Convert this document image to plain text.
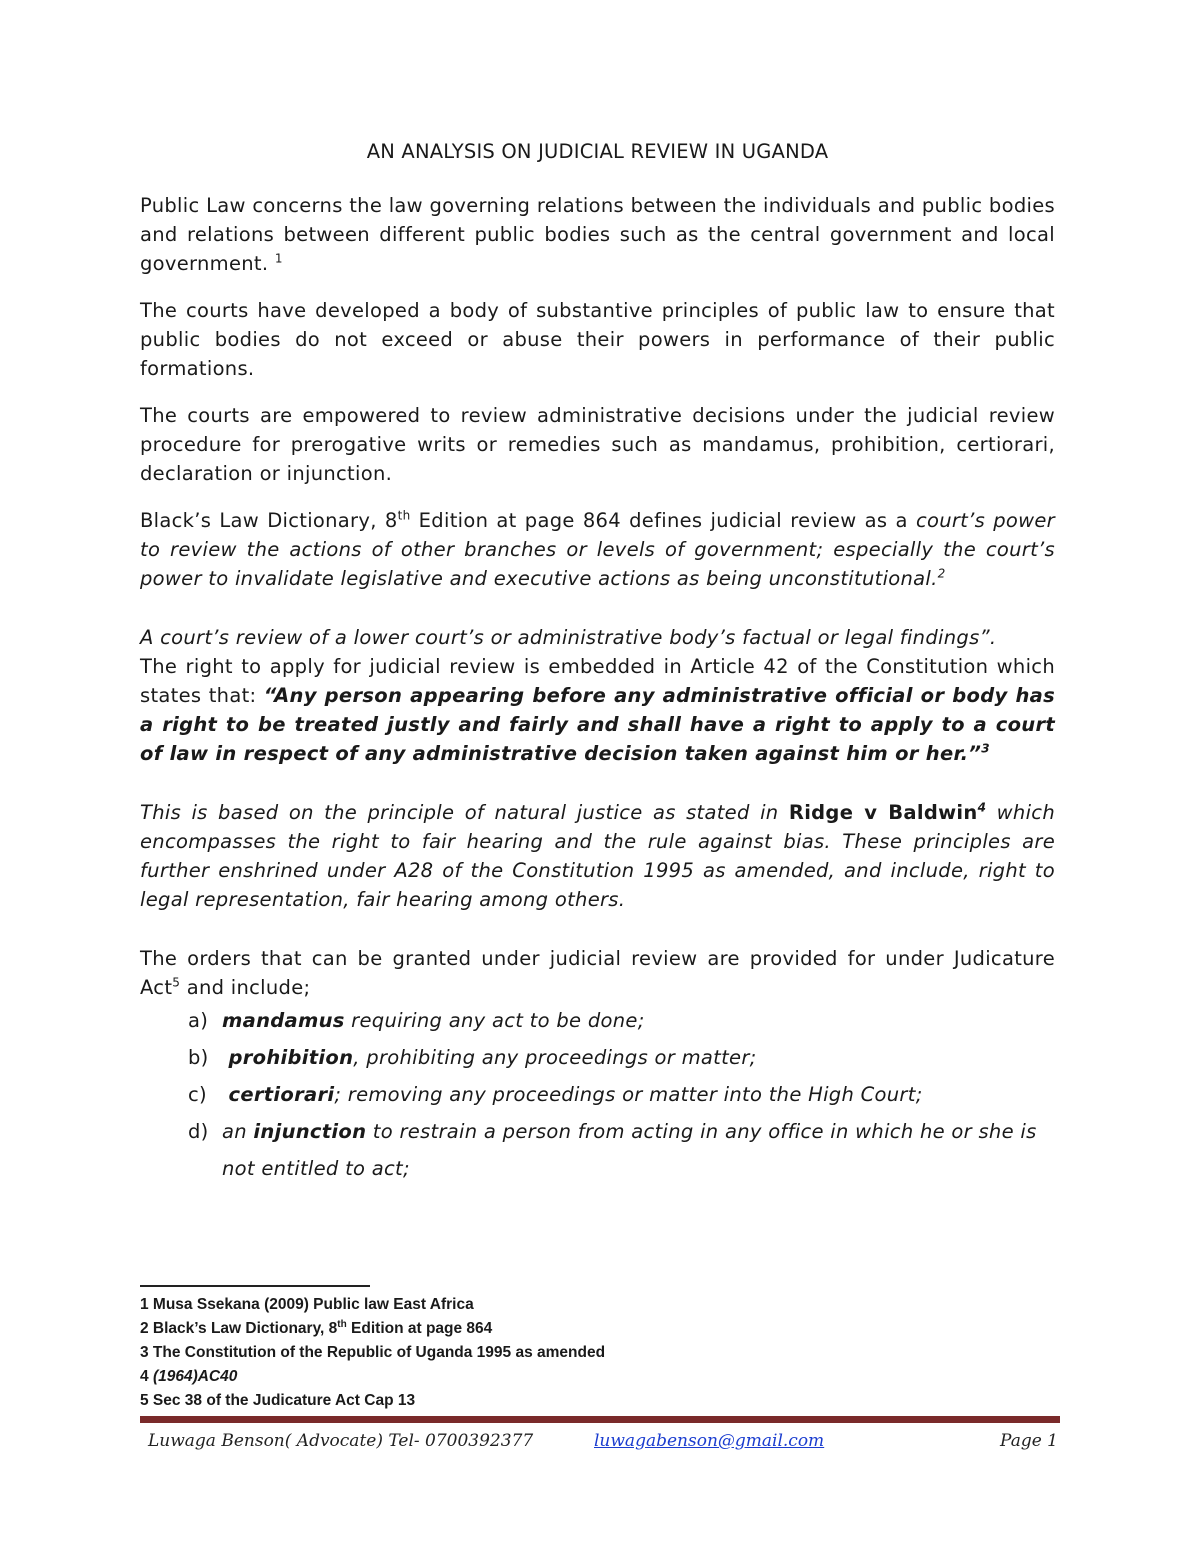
AN ANALYSIS ON JUDICIAL REVIEW IN UGANDA

Public Law concerns the law governing relations between the individuals and public bodies and relations between different public bodies such as the central government and local government. $^1$

The courts have developed a body of substantive principles of public law to ensure that public bodies do not exceed or abuse their powers in performance of their public formations.

The courts are empowered to review administrative decisions under the judicial review procedure for prerogative writs or remedies such as mandamus, prohibition, certiorari, declaration or injunction.

Black’s Law Dictionary, 8th Edition at page 864 defines judicial review as a court’s power to review the actions of other branches or levels of government; especially the court’s power to invalidate legislative and executive actions as being unconstitutional.$^2$

A court’s review of a lower court’s or administrative body’s factual or legal findings”.

The right to apply for judicial review is embedded in Article 42 of the Constitution which states that: “Any person appearing before any administrative official or body has a right to be treated justly and fairly and shall have a right to apply to a court of law in respect of any administrative decision taken against him or her.”$^3$

This is based on the principle of natural justice as stated in Ridge v Baldwin$^4$ which encompasses the right to fair hearing and the rule against bias. These principles are further enshrined under A28 of the Constitution 1995 as amended, and include, right to legal representation, fair hearing among others.

The orders that can be granted under judicial review are provided for under Judicature Act$^5$ and include;

a) mandamus requiring any act to be done;
b) prohibition, prohibiting any proceedings or matter;
c) certiorari; removing any proceedings or matter into the High Court;
d) an injunction to restrain a person from acting in any office in which he or she is not entitled to act;
1 Musa Ssekana (2009) Public law East Africa
2 Black’s Law Dictionary, 8th Edition at page 864
3 The Constitution of the Republic of Uganda 1995 as amended
4 (1964)AC40
5 Sec 38 of the Judicature Act Cap 13
Luwaga Benson( Advocate) Tel- 0700392377	luwagabenson@gmail.com	Page 1
